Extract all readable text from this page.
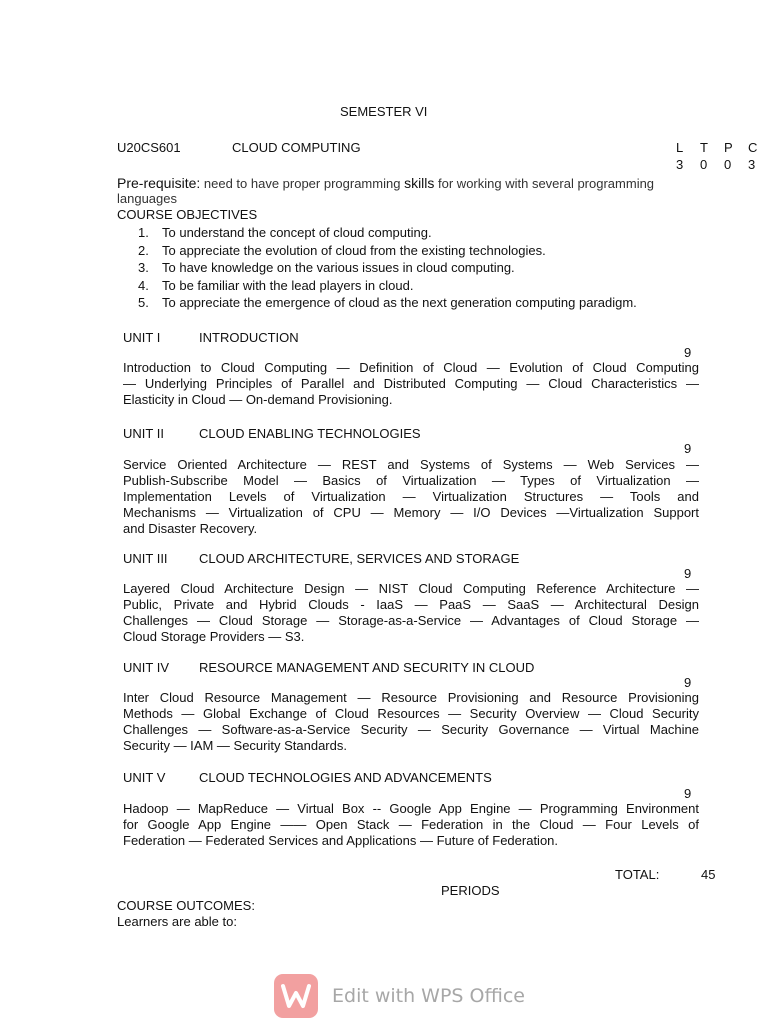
SEMESTER VI
U20CS601	CLOUD COMPUTING	L T P C
3 0 0 3
Pre-requisite: need to have proper programming skills for working with several programming
languages
COURSE OBJECTIVES
1. To understand the concept of cloud computing.
2. To appreciate the evolution of cloud from the existing technologies.
3. To have knowledge on the various issues in cloud computing.
4. To be familiar with the lead players in cloud.
5. To appreciate the emergence of cloud as the next generation computing paradigm.
UNIT I	INTRODUCTION
9
Introduction to Cloud Computing — Definition of Cloud — Evolution of Cloud Computing
— Underlying Principles of Parallel and Distributed Computing — Cloud Characteristics —
Elasticity in Cloud — On-demand Provisioning.
UNIT II	CLOUD ENABLING TECHNOLOGIES
9
Service Oriented Architecture — REST and Systems of Systems — Web Services —
Publish-Subscribe Model — Basics of Virtualization — Types of Virtualization —
Implementation Levels of Virtualization — Virtualization Structures — Tools and
Mechanisms — Virtualization of CPU — Memory — I/O Devices —Virtualization Support
and Disaster Recovery.
UNIT III CLOUD ARCHITECTURE, SERVICES AND STORAGE
9
Layered Cloud Architecture Design — NIST Cloud Computing Reference Architecture —
Public, Private and Hybrid Clouds - IaaS — PaaS — SaaS — Architectural Design
Challenges — Cloud Storage — Storage-as-a-Service — Advantages of Cloud Storage —
Cloud Storage Providers — S3.
UNIT IV RESOURCE MANAGEMENT AND SECURITY IN CLOUD
9
Inter Cloud Resource Management — Resource Provisioning and Resource Provisioning
Methods — Global Exchange of Cloud Resources — Security Overview — Cloud Security
Challenges — Software-as-a-Service Security — Security Governance — Virtual Machine
Security — IAM — Security Standards.
UNIT V	CLOUD TECHNOLOGIES AND ADVANCEMENTS
9
Hadoop — MapReduce — Virtual Box -- Google App Engine — Programming Environment
for Google App Engine —— Open Stack — Federation in the Cloud — Four Levels of
Federation — Federated Services and Applications — Future of Federation.
TOTAL:	45
PERIODS
COURSE OUTCOMES:
Learners are able to:
Edit with WPS Office
